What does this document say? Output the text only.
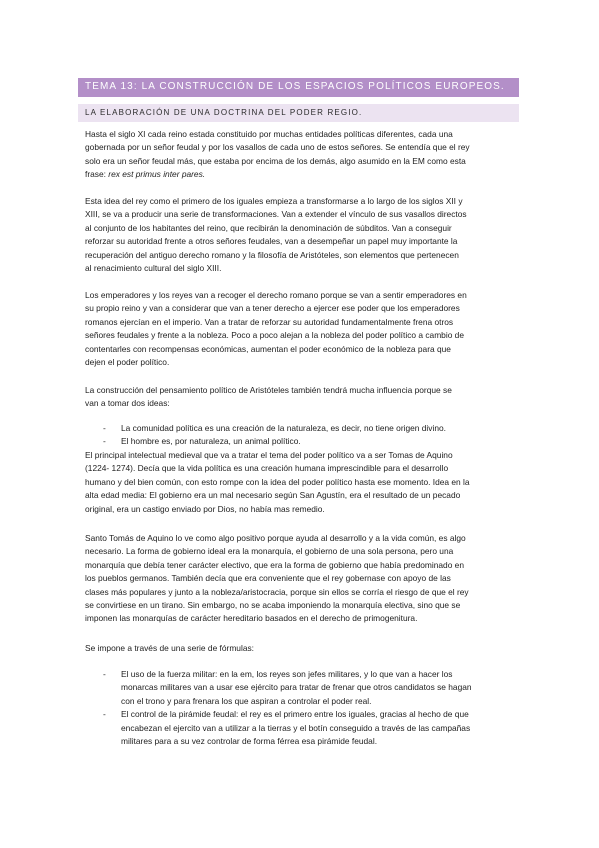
TEMA 13: LA CONSTRUCCIÓN DE LOS ESPACIOS POLÍTICOS EUROPEOS.
LA ELABORACIÓN DE UNA DOCTRINA DEL PODER REGIO.
Hasta el siglo XI cada reino estada constituido por muchas entidades políticas diferentes, cada una
gobernada por un señor feudal y por los vasallos de cada uno de estos señores. Se entendía que el rey
solo era un señor feudal más, que estaba por encima de los demás, algo asumido en la EM como esta
frase: rex est primus inter pares.
Esta idea del rey como el primero de los iguales empieza a transformarse a lo largo de los siglos XII y
XIII, se va a producir una serie de transformaciones. Van a extender el vínculo de sus vasallos directos
al conjunto de los habitantes del reino, que recibirán la denominación de súbditos. Van a conseguir
reforzar su autoridad frente a otros señores feudales, van a desempeñar un papel muy importante la
recuperación del antiguo derecho romano y la filosofía de Aristóteles, son elementos que pertenecen
al renacimiento cultural del siglo XIII.
Los emperadores y los reyes van a recoger el derecho romano porque se van a sentir emperadores en
su propio reino y van a considerar que van a tener derecho a ejercer ese poder que los emperadores
romanos ejercían en el imperio. Van a tratar de reforzar su autoridad fundamentalmente frena otros
señores feudales y frente a la nobleza. Poco a poco alejan a la nobleza del poder político a cambio de
contentarles con recompensas económicas, aumentan el poder económico de la nobleza para que
dejen el poder político.
La construcción del pensamiento político de Aristóteles también tendrá mucha influencia porque se
van a tomar dos ideas:
- La comunidad política es una creación de la naturaleza, es decir, no tiene origen divino.
- El hombre es, por naturaleza, un animal político.
El principal intelectual medieval que va a tratar el tema del poder político va a ser Tomas de Aquino
(1224- 1274). Decía que la vida política es una creación humana imprescindible para el desarrollo
humano y del bien común, con esto rompe con la idea del poder político hasta ese momento. Idea en la
alta edad media: El gobierno era un mal necesario según San Agustín, era el resultado de un pecado
original, era un castigo enviado por Dios, no había mas remedio.
Santo Tomás de Aquino lo ve como algo positivo porque ayuda al desarrollo y a la vida común, es algo
necesario. La forma de gobierno ideal era la monarquía, el gobierno de una sola persona, pero una
monarquía que debía tener carácter electivo, que era la forma de gobierno que había predominado en
los pueblos germanos. También decía que era conveniente que el rey gobernase con apoyo de las
clases más populares y junto a la nobleza/aristocracia, porque sin ellos se corría el riesgo de que el rey
se convirtiese en un tirano. Sin embargo, no se acaba imponiendo la monarquía electiva, sino que se
imponen las monarquías de carácter hereditario basados en el derecho de primogenitura.
Se impone a través de una serie de fórmulas:
- El uso de la fuerza militar: en la em, los reyes son jefes militares, y lo que van a hacer los
monarcas militares van a usar ese ejército para tratar de frenar que otros candidatos se hagan
con el trono y para frenara los que aspiran a controlar el poder real.
- El control de la pirámide feudal: el rey es el primero entre los iguales, gracias al hecho de que
encabezan el ejercito van a utilizar a la tierras y el botín conseguido a través de las campañas
militares para a su vez controlar de forma férrea esa pirámide feudal.
